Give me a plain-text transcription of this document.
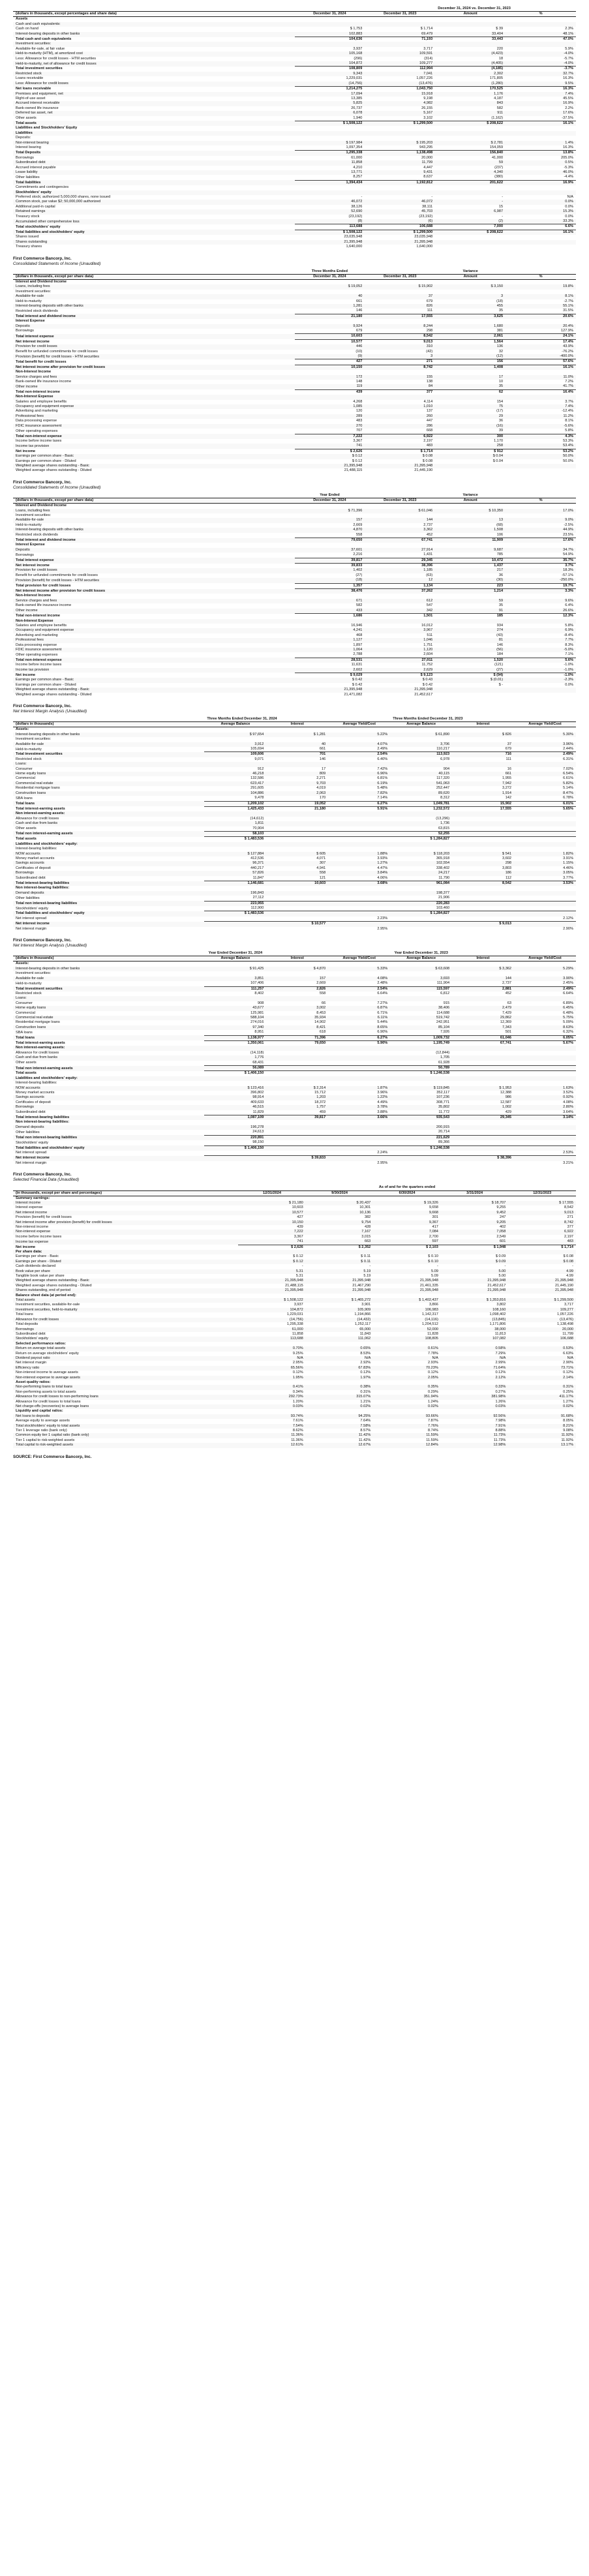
			December 31, 2024 vs. December 31, 2023	
(dollars in thousands, except percentages and share data)	December 31, 2024	December 31, 2023	Amount	%
Assets				
Cash and cash equivalents:				
Cash on hand	$ 1,753	$ 1,714	$ 39	2.3%
Interest-bearing deposits in other banks	102,883	69,479	33,404	48.1%
Total cash and cash equivalents	104,636	71,193	33,443	47.0%
Investment securities:				
Available-for-sale, at fair value	3,937	3,717	220	5.9%
Held-to-maturity (HTM), at amortized cost	105,168	109,591	(4,423)	-4.0%
Less: Allowance for credit losses - HTM securities	(296)	(314)	18	-5.7%
Held-to-maturity, net of allowance for credit losses	104,872	109,277	(4,405)	-4.0%
Total investment securities	108,809	112,994	(4,185)	-3.7%
Restricted stock	9,343	7,041	2,302	32.7%
Loans receivable	1,229,031	1,057,226	171,805	16.3%
Less: Allowance for credit losses	(14,756)	(13,476)	(1,280)	9.5%
Net loans receivable	1,214,275	1,043,750	170,525	16.3%
Premises and equipment, net	17,094	15,918	1,176	7.4%
Right-of-use asset	13,385	9,198	4,187	45.5%
Accrued interest receivable	5,825	4,982	843	16.9%
Bank-owned life insurance	26,737	26,155	582	2.2%
Deferred tax asset, net	6,078	5,167	911	17.6%
Other assets	1,940	3,102	(1,162)	-37.5%
Total assets	$ 1,508,122	$ 1,299,500	$ 208,622	16.1%
Liabilities and Stockholders' Equity				
Liabilities				
Deposits:				
Non-interest bearing	$ 197,984	$ 195,203	$ 2,781	1.4%
Interest bearing	1,097,354	943,295	154,059	16.3%
Total Deposits	1,295,338	1,138,498	156,840	13.8%
Borrowings	61,000	20,000	41,000	205.0%
Subordinated debt	11,858	11,799	59	0.5%
Accrued interest payable	4,210	4,447	(237)	-5.3%
Lease liability	13,771	9,431	4,340	46.0%
Other liabilities	8,257	8,637	(380)	-4.4%
Total liabilities	1,394,434	1,192,812	201,622	16.9%
Commitments and contingencies				
Stockholders' equity				
Preferred stock; authorized 5,000,000 shares, none issued	-	-	-	N/A
Common stock, par value $2; 50,000,000 authorized	46,072	46,072	-	0.0%
Additional paid-in capital	38,126	38,111	15	0.0%
Retained earnings	52,690	45,703	6,987	15.3%
Treasury stock	(23,192)	(23,192)	-	0.0%
Accumulated other comprehensive loss	(8)	(6)	(2)	33.3%
Total stockholders' equity	113,688	106,688	7,000	6.6%
Total liabilities and stockholders' equity	$ 1,508,122	$ 1,299,500	$ 208,622	16.1%
Shares issued	23,035,948	23,035,948		
Shares outstanding	21,395,948	21,395,948		
Treasury shares	1,640,000	1,640,000		

First Commerce Bancorp, Inc.

Consolidated Statements of Income (Unaudited)

	Three Months Ended		Variance	
(dollars in thousands, except per share data)	December 31, 2024	December 31, 2023	Amount	%
Interest and Dividend Income				
Loans, including fees	$ 19,052	$ 15,902	$ 3,150	19.8%
Investment securities:				
Available-for-sale	40	37	3	8.1%
Held-to-maturity	661	679	(18)	-2.7%
Interest-bearing deposits with other banks	1,281	826	455	55.1%
Restricted stock dividends	146	111	35	31.5%
Total interest and dividend income	21,180	17,555	3,625	20.6%
Interest Expense				
Deposits	9,924	8,244	1,680	20.4%
Borrowings	679	298	381	127.9%
Total interest expense	10,603	8,542	2,061	24.1%
Net interest income	10,577	9,013	1,564	17.4%
Provision for credit losses	446	310	136	43.9%
Benefit for unfunded commitments for credit losses	(10)	(42)	32	-76.2%
Provision (benefit) for credit losses - HTM securities	(9)	3	(12)	-400.0%
Total benefit for credit losses	427	271	156	57.6%
Net interest income after provision for credit losses	10,150	8,742	1,408	16.1%
Non-Interest Income				
Service charges and fees	172	155	17	11.0%
Bank-owned life insurance income	148	138	10	7.2%
Other income	119	84	35	41.7%
Total non-interest income	439	377	62	16.4%
Non-Interest Expense				
Salaries and employee benefits	4,268	4,114	154	3.7%
Occupancy and equipment expense	1,085	1,010	75	7.4%
Advertising and marketing	120	137	(17)	-12.4%
Professional fees	289	260	29	11.2%
Data processing expense	483	447	36	8.1%
FDIC insurance assessment	270	286	(16)	-5.6%
Other operating expenses	707	668	39	5.8%
Total non-interest expense	7,222	6,922	300	4.3%
Income before income taxes	3,367	2,197	1,170	53.3%
Income tax provision	741	483	258	53.4%
Net income	$ 2,626	$ 1,714	$ 912	53.2%
Earnings per common share - Basic	$ 0.12	$ 0.08	$ 0.04	50.0%
Earnings per common share - Diluted	$ 0.12	$ 0.08	$ 0.04	50.0%
Weighted average shares outstanding - Basic	21,395,948	21,395,948		
Weighted average shares outstanding - Diluted	21,488,115	21,445,190		

First Commerce Bancorp, Inc.

Consolidated Statements of Income (Unaudited)

	Year Ended		Variance	
(dollars in thousands, except per share data)	December 31, 2024	December 31, 2023	Amount	%
Interest and Dividend Income				
Loans, including fees	$ 71,396	$ 61,046	$ 10,350	17.0%
Investment securities:				
Available-for-sale	157	144	13	9.0%
Held-to-maturity	2,669	2,737	(68)	-2.5%
Interest-bearing deposits with other banks	4,870	3,362	1,508	44.9%
Restricted stock dividends	558	452	106	23.5%
Total interest and dividend income	79,650	67,741	11,909	17.6%
Interest Expense				
Deposits	37,601	27,914	9,687	34.7%
Borrowings	2,216	1,431	785	54.9%
Total interest expense	39,817	29,345	10,472	35.7%
Net interest income	39,833	38,396	1,437	3.7%
Provision for credit losses	1,402	1,185	217	18.3%
Benefit for unfunded commitments for credit losses	(27)	(63)	36	-57.1%
Provision (benefit) for credit losses - HTM securities	(18)	12	(30)	-250.0%
Total provision for credit losses	1,357	1,134	223	19.7%
Net interest income after provision for credit losses	38,476	37,262	1,214	3.3%
Non-Interest Income				
Service charges and fees	671	612	59	9.6%
Bank-owned life insurance income	582	547	35	6.4%
Other income	433	342	91	26.6%
Total non-interest income	1,686	1,501	185	12.3%
Non-Interest Expense				
Salaries and employee benefits	16,946	16,012	934	5.8%
Occupancy and equipment expense	4,241	3,967	274	6.9%
Advertising and marketing	468	511	(43)	-8.4%
Professional fees	1,127	1,046	81	7.7%
Data processing expense	1,897	1,751	146	8.3%
FDIC insurance assessment	1,064	1,120	(56)	-5.0%
Other operating expenses	2,788	2,604	184	7.1%
Total non-interest expense	28,531	27,011	1,520	5.6%
Income before income taxes	11,631	11,752	(121)	-1.0%
Income tax provision	2,602	2,629	(27)	-1.0%
Net income	$ 9,029	$ 9,123	$ (94)	-1.0%
Earnings per common share - Basic	$ 0.42	$ 0.43	$ (0.01)	-2.3%
Earnings per common share - Diluted	$ 0.42	$ 0.42	$ -	0.0%
Weighted average shares outstanding - Basic	21,395,948	21,395,948		
Weighted average shares outstanding - Diluted	21,471,082	21,452,617		

First Commerce Bancorp, Inc.

Net Interest Margin Analysis (Unaudited)

	Three Months Ended December 31, 2024			Three Months Ended December 31, 2023		
(dollars in thousands)	Average Balance	Interest	Average Yield/Cost	Average Balance	Interest	Average Yield/Cost
Assets:						
Interest-bearing deposits in other banks	$ 97,654	$ 1,281	5.22%	$ 61,890	$ 826	5.30%
Investment securities:						
Available-for-sale	3,912	40	4.07%	3,706	37	3.96%
Held-to-maturity	105,694	661	2.49%	110,217	679	2.44%
Total investment securities	109,606	701	2.54%	113,923	716	2.49%
Restricted stock	9,071	146	6.40%	6,978	111	6.31%
Loans:						
Consumer	912	17	7.42%	904	16	7.02%
Home equity loans	46,218	809	6.96%	40,115	661	6.54%
Commercial	132,586	2,271	6.81%	117,320	1,955	6.61%
Commercial real estate	623,417	9,703	6.19%	541,063	7,942	5.82%
Residential mortgage loans	291,605	4,019	5.48%	252,447	3,272	5.14%
Construction loans	104,886	2,063	7.82%	89,620	1,914	8.47%
SBA loans	9,478	170	7.14%	8,312	142	6.78%
Total loans	1,209,102	19,052	6.27%	1,049,781	15,902	6.01%
Total interest-earning assets	1,425,433	21,180	5.91%	1,232,572	17,555	5.65%
Non interest-earning assets:						
Allowance for credit losses	(14,612)			(13,296)		
Cash and due from banks	1,811			1,736		
Other assets	70,904			63,815		
Total non interest-earning assets	58,103			52,255		
Total assets	$ 1,483,536			$ 1,284,827		
Liabilities and stockholders' equity:						
Interest-bearing liabilities:						
NOW accounts	$ 127,884	$ 605	1.88%	$ 118,203	$ 541	1.82%
Money market accounts	412,536	4,071	3.93%	365,918	3,602	3.91%
Savings accounts	96,371	307	1.27%	102,554	298	1.15%
Certificates of deposit	440,217	4,941	4.47%	338,402	3,803	4.46%
Borrowings	57,826	558	3.84%	24,217	186	3.05%
Subordinated debt	11,847	121	4.06%	11,790	112	3.77%
Total interest-bearing liabilities	1,146,681	10,603	3.68%	961,084	8,542	3.53%
Non interest-bearing liabilities:						
Demand deposits	196,843			198,377		
Other liabilities	27,112			21,906		
Total non interest-bearing liabilities	223,955			220,283		
Stockholders' equity	112,900			103,460		
Total liabilities and stockholders' equity	$ 1,483,536			$ 1,284,827		
Net interest spread			2.23%			2.12%
Net interest income		$ 10,577			$ 9,013	
Net interest margin			2.95%			2.90%

First Commerce Bancorp, Inc.

Net Interest Margin Analysis (Unaudited)

	Year Ended December 31, 2024			Year Ended December 31, 2023		
(dollars in thousands)	Average Balance	Interest	Average Yield/Cost	Average Balance	Interest	Average Yield/Cost
Assets:						
Interest-bearing deposits in other banks	$ 91,425	$ 4,870	5.33%	$ 63,608	$ 3,362	5.29%
Investment securities:						
Available-for-sale	3,851	157	4.08%	3,693	144	3.90%
Held-to-maturity	107,406	2,669	2.48%	111,904	2,737	2.45%
Total investment securities	111,257	2,826	2.54%	115,597	2,881	2.49%
Restricted stock	8,402	558	6.64%	6,812	452	6.64%
Loans:						
Consumer	908	66	7.27%	915	63	6.89%
Home equity loans	43,677	3,002	6.87%	38,406	2,479	6.45%
Commercial	125,981	8,453	6.71%	114,688	7,429	6.48%
Commercial real estate	588,104	35,934	6.11%	519,742	29,862	5.75%
Residential mortgage loans	274,016	14,902	5.44%	242,951	12,369	5.09%
Construction loans	97,340	8,421	8.65%	85,104	7,343	8.63%
SBA loans	8,951	618	6.90%	7,926	501	6.32%
Total loans	1,138,977	71,396	6.27%	1,009,732	61,046	6.05%
Total interest-earning assets	1,350,061	79,650	5.90%	1,195,749	67,741	5.67%
Non interest-earning assets:						
Allowance for credit losses	(14,118)			(12,844)		
Cash and due from banks	1,776			1,705		
Other assets	68,431			61,928		
Total non interest-earning assets	56,089			50,789		
Total assets	$ 1,406,150			$ 1,246,538		
Liabilities and stockholders' equity:						
Interest-bearing liabilities:						
NOW accounts	$ 123,416	$ 2,314	1.87%	$ 119,845	$ 1,953	1.63%
Money market accounts	396,802	15,712	3.96%	352,117	12,388	3.52%
Savings accounts	98,914	1,203	1.22%	107,236	986	0.92%
Certificates of deposit	409,633	18,372	4.49%	308,771	12,587	4.08%
Borrowings	46,515	1,757	3.78%	35,802	1,002	2.80%
Subordinated debt	11,829	459	3.88%	11,772	429	3.64%
Total interest-bearing liabilities	1,087,109	39,817	3.66%	935,543	29,345	3.14%
Non interest-bearing liabilities:						
Demand deposits	196,278			200,915		
Other liabilities	24,613			20,714		
Total non interest-bearing liabilities	220,891			221,629		
Stockholders' equity	98,150			89,366		
Total liabilities and stockholders' equity	$ 1,406,150			$ 1,246,538		
Net interest spread			2.24%			2.53%
Net interest income		$ 39,833			$ 38,396	
Net interest margin			2.95%			3.21%

First Commerce Bancorp, Inc.

Selected Financial Data (Unaudited)

			As of and for the quarters ended		
(in thousands, except per share and percentages)	12/31/2024	9/30/2024	6/30/2024	3/31/2024	12/31/2023
Summary earnings:					
Interest income	$ 21,180	$ 20,437	$ 19,326	$ 18,707	$ 17,555
Interest expense	10,603	10,301	9,658	9,255	8,542
Net interest income	10,577	10,136	9,668	9,452	9,013
Provision (benefit) for credit losses	427	382	301	247	271
Net interest income after provision (benefit) for credit losses	10,150	9,754	9,367	9,205	8,742
Non-interest income	439	428	417	402	377
Non-interest expense	7,222	7,167	7,084	7,058	6,922
Income before income taxes	3,367	3,015	2,700	2,549	2,197
Income tax expense	741	663	597	601	483
Net income	$ 2,626	$ 2,352	$ 2,103	$ 1,948	$ 1,714
Per share data:					
Earnings per share - Basic	$ 0.12	$ 0.11	$ 0.10	$ 0.09	$ 0.08
Earnings per share - Diluted	$ 0.12	$ 0.11	$ 0.10	$ 0.09	$ 0.08
Cash dividends declared	-	-	-	-	-
Book value per share	5.31	5.19	5.09	5.00	4.99
Tangible book value per share	5.31	5.19	5.09	5.00	4.99
Weighted average shares outstanding - Basic	21,395,948	21,395,948	21,395,948	21,395,948	21,395,948
Weighted average shares outstanding - Diluted	21,488,115	21,467,290	21,461,335	21,452,617	21,445,190
Shares outstanding, end of period	21,395,948	21,395,948	21,395,948	21,395,948	21,395,948
Balance sheet data (at period end):					
Total assets	$ 1,508,122	$ 1,465,272	$ 1,402,437	$ 1,353,816	$ 1,299,500
Investment securities, available-for-sale	3,937	3,901	3,866	3,802	3,717
Investment securities, held-to-maturity	104,872	105,909	106,983	108,160	109,277
Total loans	1,229,031	1,194,866	1,142,317	1,098,402	1,057,226
Allowance for credit losses	(14,756)	(14,432)	(14,116)	(13,845)	(13,476)
Total deposits	1,295,338	1,252,117	1,204,512	1,171,806	1,138,498
Borrowings	61,000	65,000	52,000	38,000	20,000
Subordinated debt	11,858	11,843	11,828	11,813	11,799
Stockholders' equity	113,688	111,062	108,805	107,082	106,688
Selected performance ratios:					
Return on average total assets	0.70%	0.65%	0.61%	0.58%	0.53%
Return on average stockholders' equity	9.25%	8.53%	7.78%	7.29%	6.63%
Dividend payout ratio	N/A	N/A	N/A	N/A	N/A
Net interest margin	2.95%	2.92%	2.93%	2.99%	2.90%
Efficiency ratio	65.56%	67.83%	70.23%	71.64%	73.71%
Non-interest income to average assets	0.12%	0.12%	0.12%	0.12%	0.12%
Non-interest expense to average assets	1.95%	1.97%	2.05%	2.12%	2.14%
Asset quality ratios:					
Non-performing loans to total loans	0.41%	0.38%	0.35%	0.33%	0.31%
Non-performing assets to total assets	0.34%	0.31%	0.29%	0.27%	0.25%
Allowance for credit losses to non-performing loans	292.73%	315.07%	351.94%	381.98%	411.17%
Allowance for credit losses to total loans	1.20%	1.21%	1.24%	1.26%	1.27%
Net charge-offs (recoveries) to average loans	0.03%	0.02%	0.02%	0.03%	0.02%
Liquidity and capital ratios:					
Net loans to deposits	93.74%	94.25%	93.66%	92.56%	91.68%
Average equity to average assets	7.61%	7.64%	7.87%	7.98%	8.05%
Total stockholders' equity to total assets	7.54%	7.58%	7.76%	7.91%	8.21%
Tier 1 leverage ratio (bank only)	8.62%	8.57%	8.74%	8.88%	9.08%
Common equity tier 1 capital ratio (bank only)	11.36%	11.42%	11.59%	11.73%	11.92%
Tier 1 capital to risk-weighted assets	11.36%	11.42%	11.59%	11.73%	11.92%
Total capital to risk-weighted assets	12.61%	12.67%	12.84%	12.98%	13.17%
SOURCE: First Commerce Bancorp, Inc.
